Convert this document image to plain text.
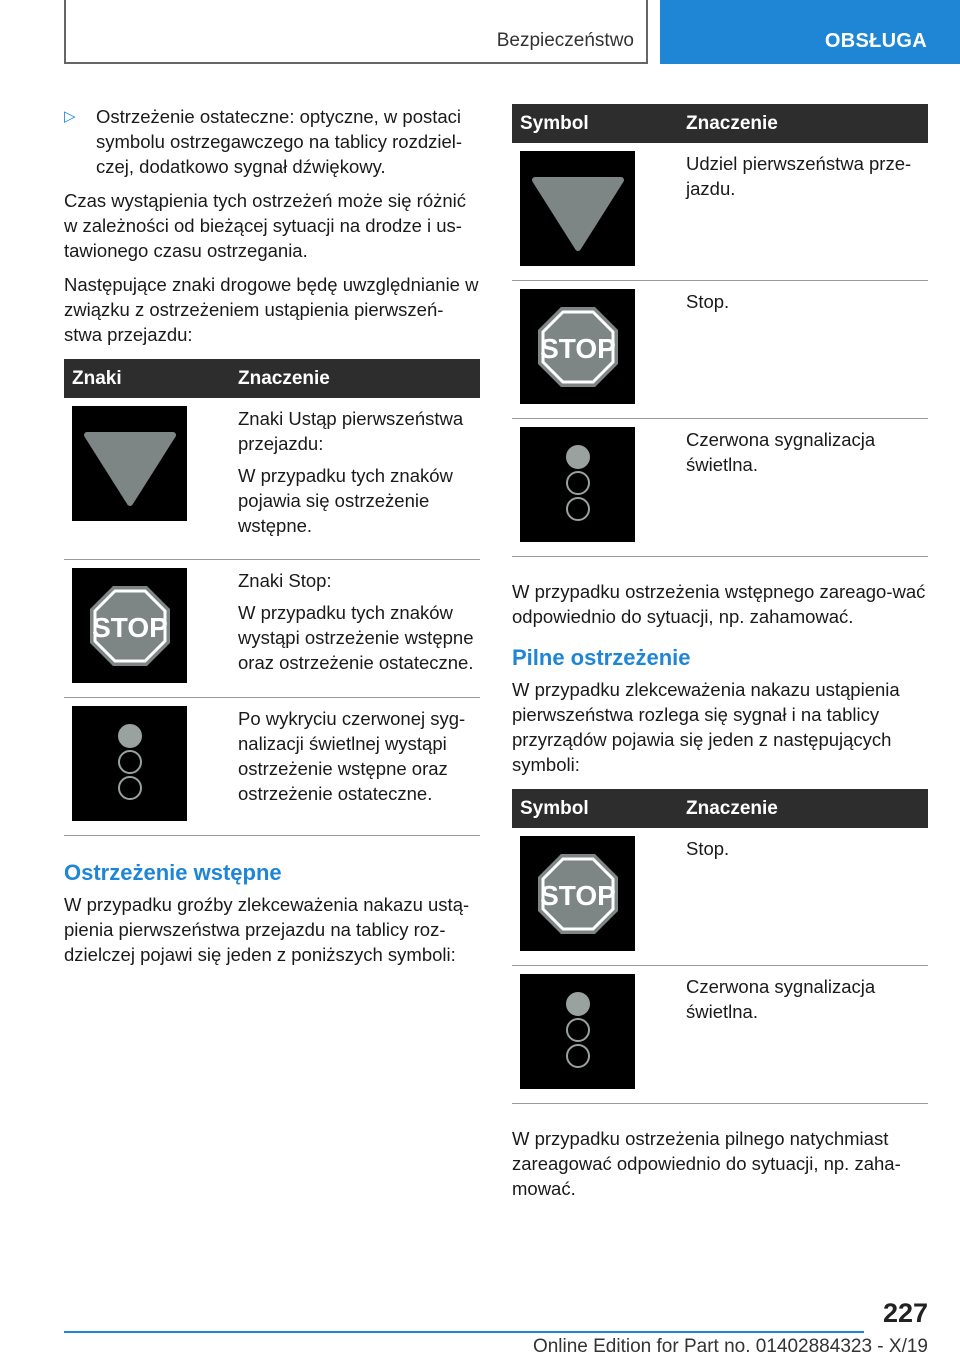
Bezpieczeństwo	OBSŁUGA
▷ Ostrzeżenie ostateczne: optyczne, w postaci symbolu ostrzegawczego na tablicy rozdziel-czej, dodatkowo sygnał dźwiękowy.

Czas wystąpienia tych ostrzeżeń może się różnić w zależności od bieżącej sytuacji na drodze i us-tawionego czasu ostrzegania.

Następujące znaki drogowe będę uwzględnianie w związku z ostrzeżeniem ustąpienia pierwszeń-stwa przejazdu:

Znaki	Znaczenie

Znaki Ustąp pierwszeństwa przejazdu:

W przypadku tych znaków pojawia się ostrzeżenie wstępne.

STOP	Znaki Stop:

W przypadku tych znaków wystąpi ostrzeżenie wstępne oraz ostrzeżenie ostateczne.

Po wykryciu czerwonej syg-nalizacji świetlnej wystąpi ostrzeżenie wstępne oraz ostrzeżenie ostateczne.

Ostrzeżenie wstępne

W przypadku groźby zlekceważenia nakazu ustą-pienia pierwszeństwa przejazdu na tablicy roz-dzielczej pojawi się jeden z poniższych symboli:

Symbol	Znaczenie

Udziel pierwszeństwa prze-jazdu.

STOP	Stop.

Czerwona sygnalizacja świetlna.

W przypadku ostrzeżenia wstępnego zareago-wać odpowiednio do sytuacji, np. zahamować.

Pilne ostrzeżenie

W przypadku zlekceważenia nakazu ustąpienia pierwszeństwa rozlega się sygnał i na tablicy przyrządów pojawia się jeden z następujących symboli:

Symbol	Znaczenie

STOP	Stop.

Czerwona sygnalizacja świetlna.

W przypadku ostrzeżenia pilnego natychmiast zareagować odpowiednio do sytuacji, np. zaha-mować.

227
Online Edition for Part no. 01402884323 - X/19
